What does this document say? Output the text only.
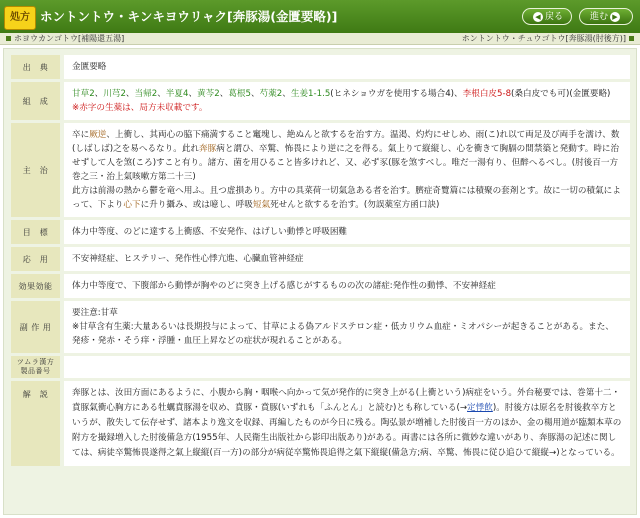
処方 ホントントウ・キンキヨウリャク[奔豚湯(金匱要略)]	◀ 戻る	進む ▶
ホヨウカンゴトウ[補陽還五湯]	ホントントウ・チュウゴトウ[奔豚湯(肘後方)]
出　典	金匱要略
組　成	甘草2、川芎2、当帰2、半夏4、黄芩2、葛根5、芍薬2、生姜1-1.5(ヒネショウガを使用する場合4)、李根白皮5-8(桑白皮でも可)(金匱要略)
※赤字の生薬は、局方未収載です。
主　治	卒に厥逆、上衝し、其両心の脇下痛満すること竃塊し、絶ぬんと欲するを治す方。温渇、灼灼にせしめ、雨(こ)れ以て両足及び両手を濡け、数(しばしば)之を易へるなり。此れ奔豚病と謂ひ、卒驚、怖畏により逆に之を得る。氣上りて縦縦し、心を衝きて胸膈の間禁築と発動す。時に治せずして人を煞(ころ)すこと有り。諸方、菌を用ひること皆多けれど、又、必ず豕(豚を煞すべし。唯だ一湯有り、但醉へるべし。(肘後百一方巻之三・治上氣咳嗽方第二十三)
此方は前湯の熱から鬱を竜へ用ふ。且つ虚損あり。方中の具菜荷一切氣急ある者を治す。臍症奇覽篇には積聚の套剤とす。故に一切の積氣によって、下より心下に升り攝み、或は噫し、呼吸短氣死せんと欲するを治す。(勿誤薬室方函口訣)
目　標	体力中等度、のどに達する上衝感、不安発作、はげしい動悸と呼吸困難
応　用	不安神経症、ヒステリー、発作性心悸亢進、心臓血管神経症
効果効能	体力中等度で、下腹部から動悸が胸やのどに突き上げる感じがするものの次の諸症:発作性の動悸、不安神経症
副 作 用	要注意:甘草
※甘草含有生薬:大量あるいは長期投与によって、甘草による偽アルドステロン症・低カリウム血症・ミオパシーが起きることがある。また、発疹・発赤・そう痒・浮腫・血圧上昇などの症状が現れることがある。
ツムラ漢方製品番号	
解　説	奔豚とは、汝田方面にあるように、小腹から胸・咽喉へ向かって気が発作的に突き上がる(上衝という)病症をいう。外台秘要では、巻第十二・賁豚氣衝心胸方にある牡蠣賁豚湯を収め、賁豚・賁豚(いずれも「ふんとん」と読む)とも称している(→定悸飲)。肘後方は原名を肘後救卒方というが、散失して伝存せず、諸本より逸文を収録、再編したものが今日に残る。陶弘景が増補した肘後百一方のほか、金の楊用道が臨類本草の附方を撮録増入した肘後備急方(1955年、人民衛生出版社から影印出版あり)がある。両書には各所に微妙な違いがあり、奔豚湯の記述に関しては、病徒卒驚怖畏遂得之氣上縦縦(百一方)の部分が病従卒驚怖畏追得之氣下縦縦(備急方;病、卒驚、怖畏に従ひ追ひて縦縦→)となっている。
